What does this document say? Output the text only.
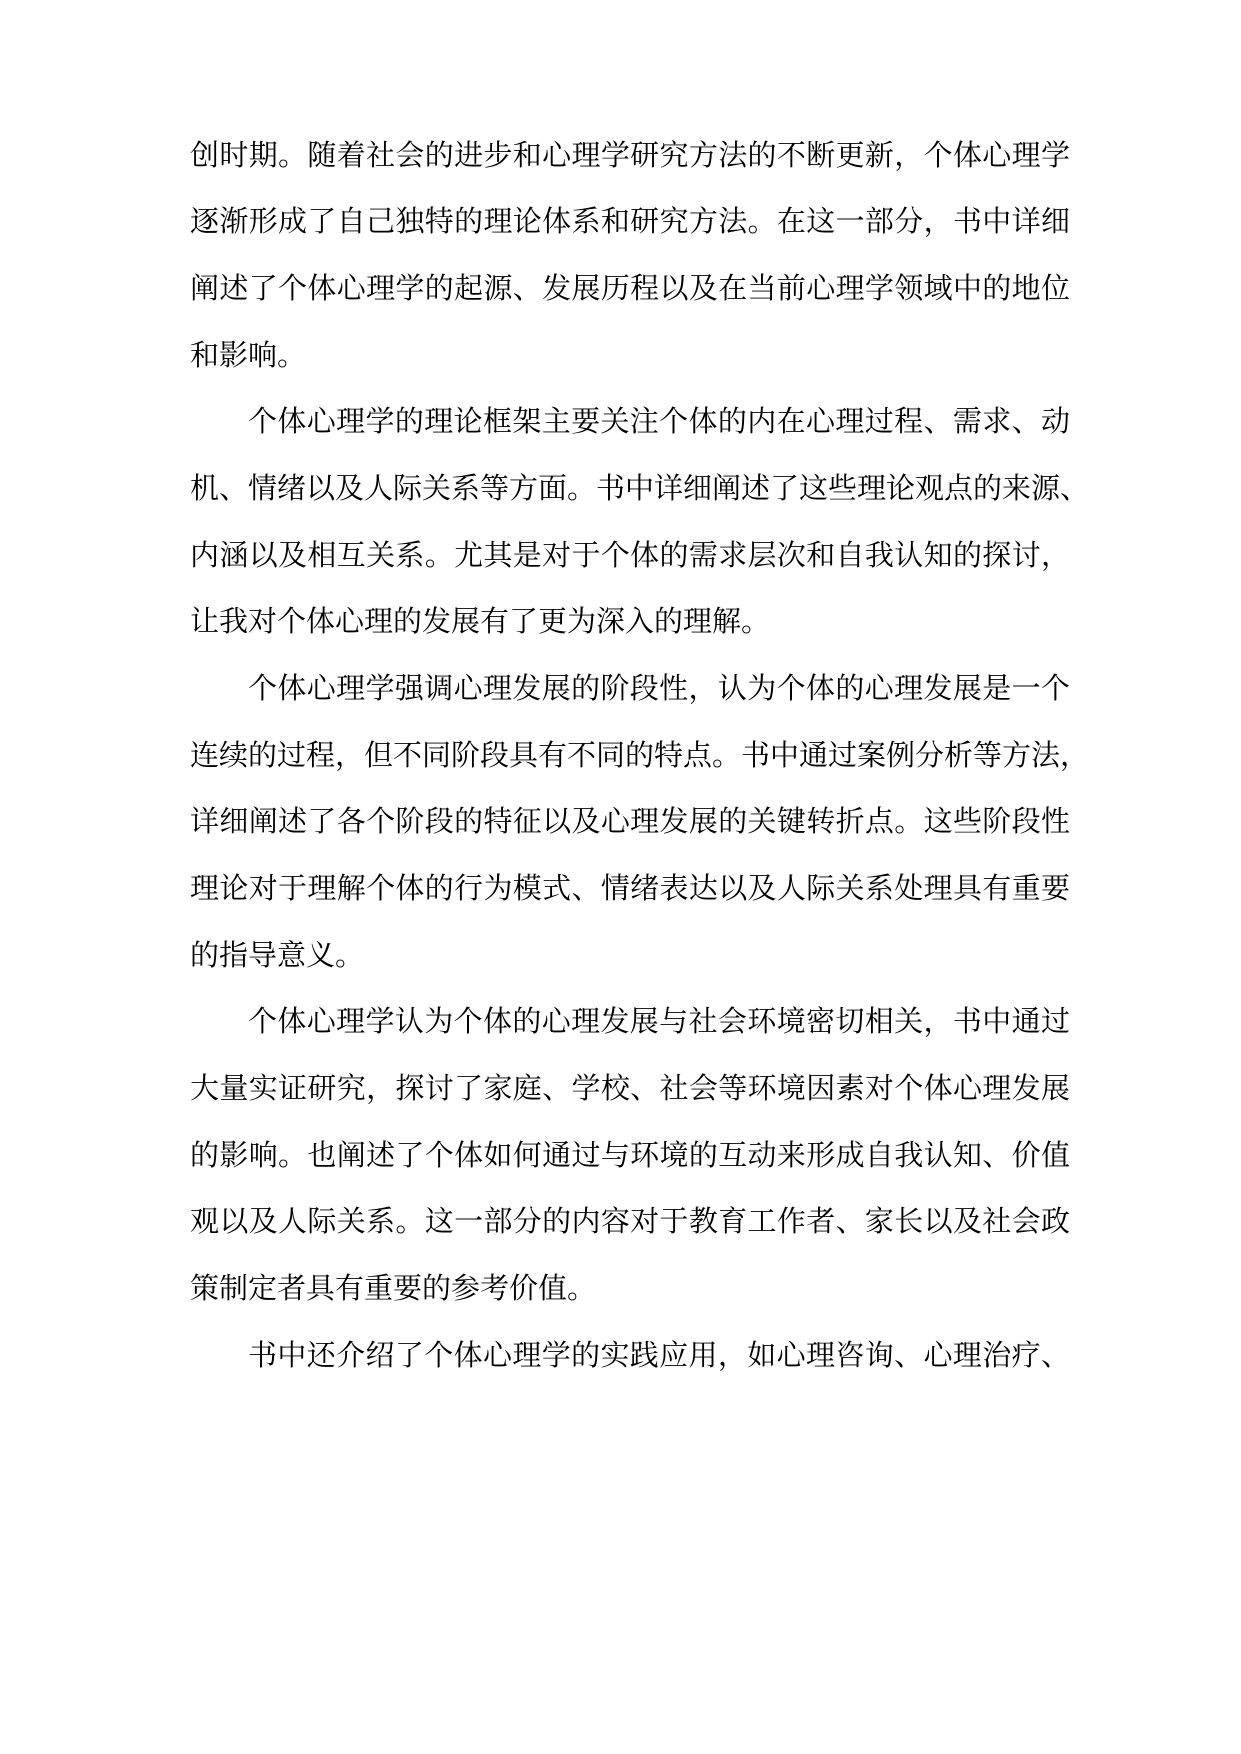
创时期。随着社会的进步和心理学研究方法的不断更新，个体心理学
逐渐形成了自己独特的理论体系和研究方法。在这一部分，书中详细
阐述了个体心理学的起源、发展历程以及在当前心理学领域中的地位
和影响。
个体心理学的理论框架主要关注个体的内在心理过程、需求、动
机、情绪以及人际关系等方面。书中详细阐述了这些理论观点的来源、
内涵以及相互关系。尤其是对于个体的需求层次和自我认知的探讨，
让我对个体心理的发展有了更为深入的理解。
个体心理学强调心理发展的阶段性，认为个体的心理发展是一个
连续的过程，但不同阶段具有不同的特点。书中通过案例分析等方法，
详细阐述了各个阶段的特征以及心理发展的关键转折点。这些阶段性
理论对于理解个体的行为模式、情绪表达以及人际关系处理具有重要
的指导意义。
个体心理学认为个体的心理发展与社会环境密切相关，书中通过
大量实证研究，探讨了家庭、学校、社会等环境因素对个体心理发展
的影响。也阐述了个体如何通过与环境的互动来形成自我认知、价值
观以及人际关系。这一部分的内容对于教育工作者、家长以及社会政
策制定者具有重要的参考价值。
书中还介绍了个体心理学的实践应用，如心理咨询、心理治疗、
